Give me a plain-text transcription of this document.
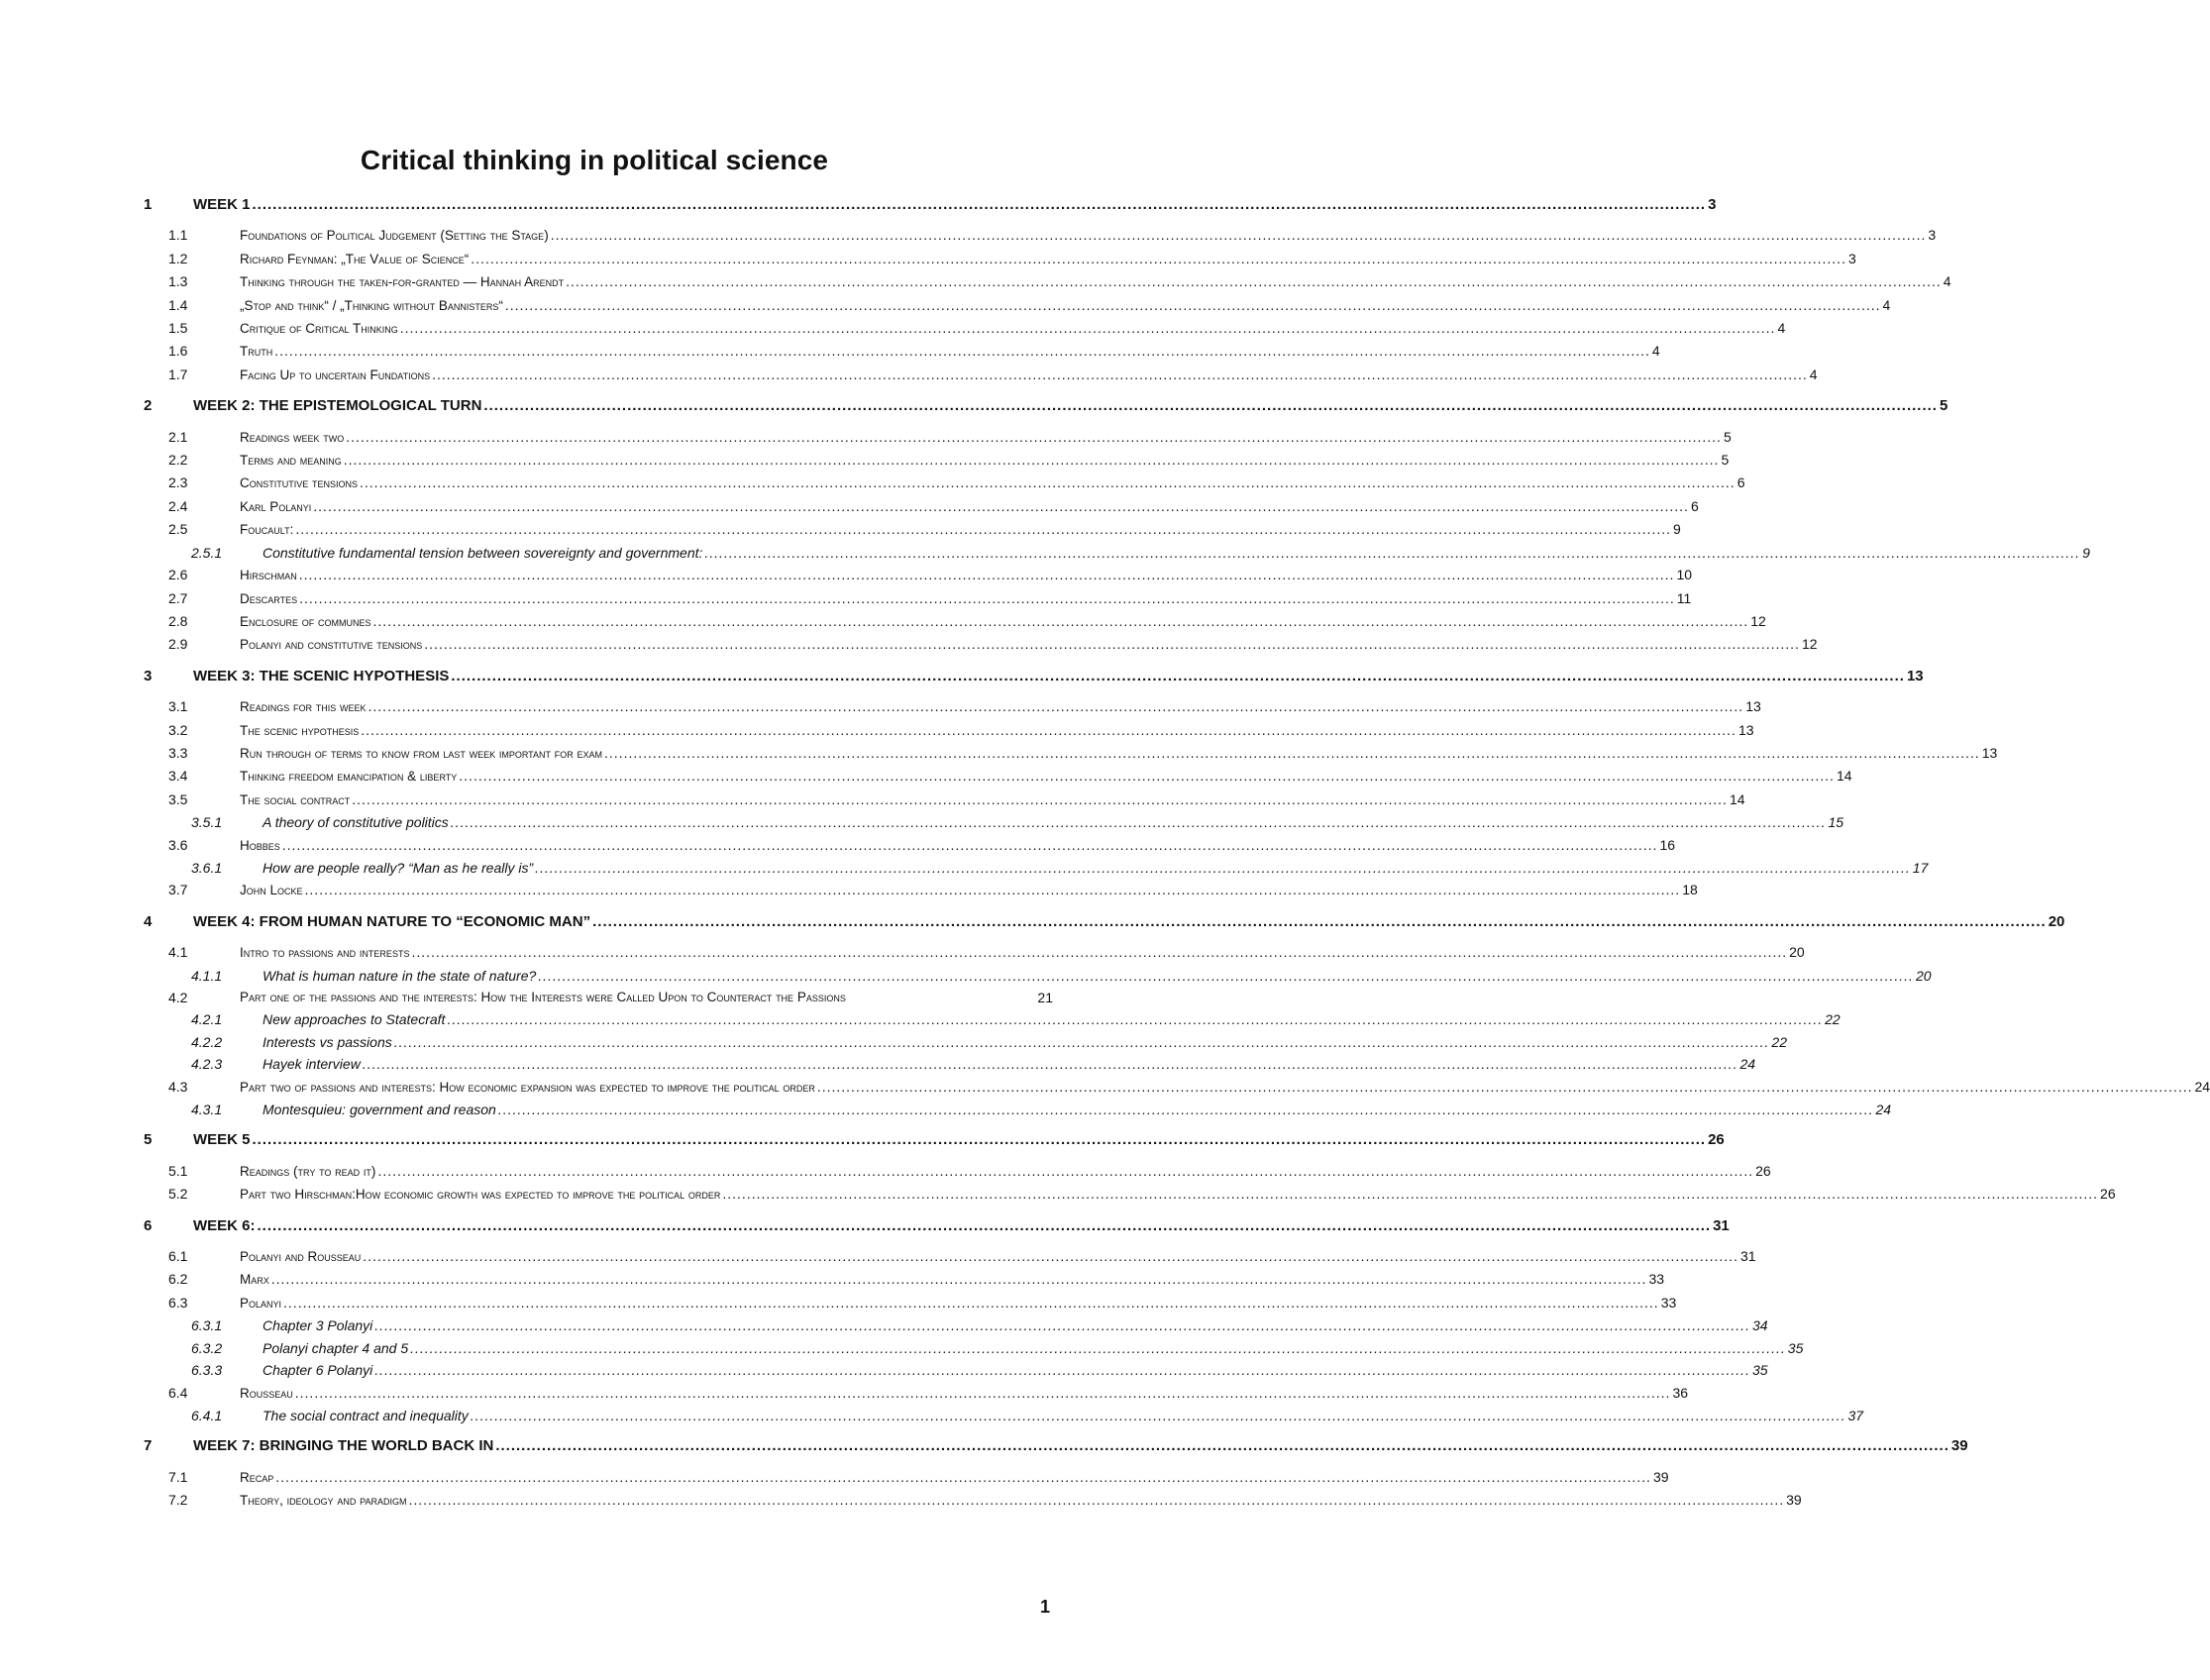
Critical thinking in political science
1	WEEK 1 .....	3
1.1	Foundations of Political Judgement (Setting the Stage) .....	3
1.2	Richard Feynman: „The Value of Science“ .....	3
1.3	Thinking through the taken-for-granted — Hannah Arendt .....	4
1.4	„Stop and think“ / „Thinking without Bannisters“ .....	4
1.5	Critique of Critical Thinking .....	4
1.6	Truth .....	4
1.7	Facing Up to uncertain Fundations .....	4
2	WEEK 2: THE EPISTEMOLOGICAL TURN .....	5
2.1	Readings week two .....	5
2.2	Terms and meaning .....	5
2.3	Constitutive tensions .....	6
2.4	Karl Polanyi .....	6
2.5	Foucault: .....	9
2.5.1	Constitutive fundamental tension between sovereignty and government: .....	9
2.6	Hirschman .....	10
2.7	Descartes .....	11
2.8	Enclosure of communes .....	12
2.9	Polanyi and constitutive tensions .....	12
3	WEEK 3: THE SCENIC HYPOTHESIS .....	13
3.1	Readings for this week .....	13
3.2	The scenic hypothesis .....	13
3.3	Run through of terms to know from last week important for exam .....	13
3.4	Thinking freedom emancipation & liberty .....	14
3.5	The social contract .....	14
3.5.1	A theory of constitutive politics .....	15
3.6	Hobbes .....	16
3.6.1	How are people really? “Man as he really is” .....	17
3.7	John Locke .....	18
4	WEEK 4: FROM HUMAN NATURE TO “ECONOMIC MAN” .....	20
4.1	Intro to passions and interests .....	20
4.1.1	What is human nature in the state of nature? .....	20
4.2	Part one of the passions and the interests: How the Interests were Called Upon to Counteract the Passions .....	21
4.2.1	New approaches to Statecraft .....	22
4.2.2	Interests vs passions .....	22
4.2.3	Hayek interview .....	24
4.3	Part two of passions and interests: How economic expansion was expected to improve the political order .....	24
4.3.1	Montesquieu: government and reason .....	24
5	WEEK 5 .....	26
5.1	Readings (try to read it) .....	26
5.2	Part two Hirschman:How economic growth was expected to improve the political order .....	26
6	WEEK 6: .....	31
6.1	Polanyi and Rousseau .....	31
6.2	Marx .....	33
6.3	Polanyi .....	33
6.3.1	Chapter 3 Polanyi .....	34
6.3.2	Polanyi chapter 4 and 5 .....	35
6.3.3	Chapter 6 Polanyi .....	35
6.4	Rousseau .....	36
6.4.1	The social contract and inequality .....	37
7	WEEK 7: BRINGING THE WORLD BACK IN .....	39
7.1	Recap .....	39
7.2	Theory, ideology and paradigm .....	39
1
